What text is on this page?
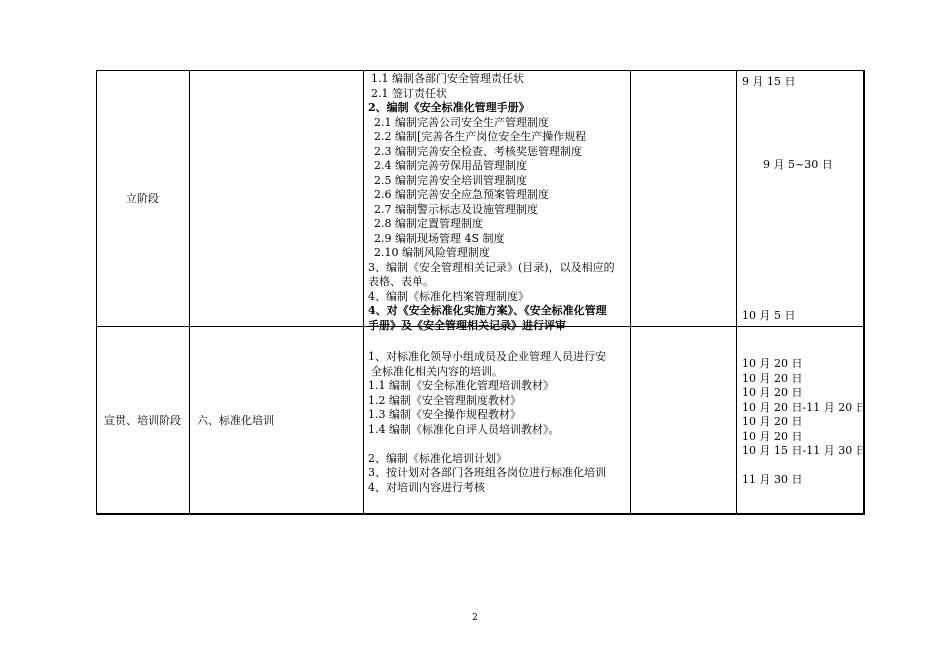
立阶段
1.1 编制各部门安全管理责任状
2.1 签订责任状
2、编制《安全标准化管理手册》
2.1 编制完善公司安全生产管理制度
2.2 编制[完善各生产岗位安全生产操作规程
2.3 编制完善安全检查、考核奖惩管理制度
2.4 编制完善劳保用品管理制度
2.5 编制完善安全培训管理制度
2.6 编制完善安全应急预案管理制度
2.7 编制警示标志及设施管理制度
2.8 编制定置管理制度
2.9 编制现场管理 4S 制度
2.10 编制风险管理制度
3、编制《安全管理相关记录》(目录)，以及相应的
表格、表单。
4、编制《标准化档案管理制度》
4、对《安全标准化实施方案》、《安全标准化管理
手册》及《安全管理相关记录》进行评审
9 月 15 日
9 月 5~30 日
10 月 5 日
宣贯、培训阶段	六、标准化培训
1、对标准化领导小组成员及企业管理人员进行安
全标准化相关内容的培训。
1.1 编制《安全标准化管理培训教材》
1.2 编制《安全管理制度教材》
1.3 编制《安全操作规程教材》
1.4 编制《标准化自评人员培训教材》。

2、编制《标准化培训计划》
3、按计划对各部门各班组各岗位进行标准化培训
4、对培训内容进行考核
10 月 20 日
10 月 20 日
10 月 20 日
10 月 20 日-11 月 20 日
10 月 20 日
10 月 20 日
10 月 15 日-11 月 30 日

11 月 30 日
2
